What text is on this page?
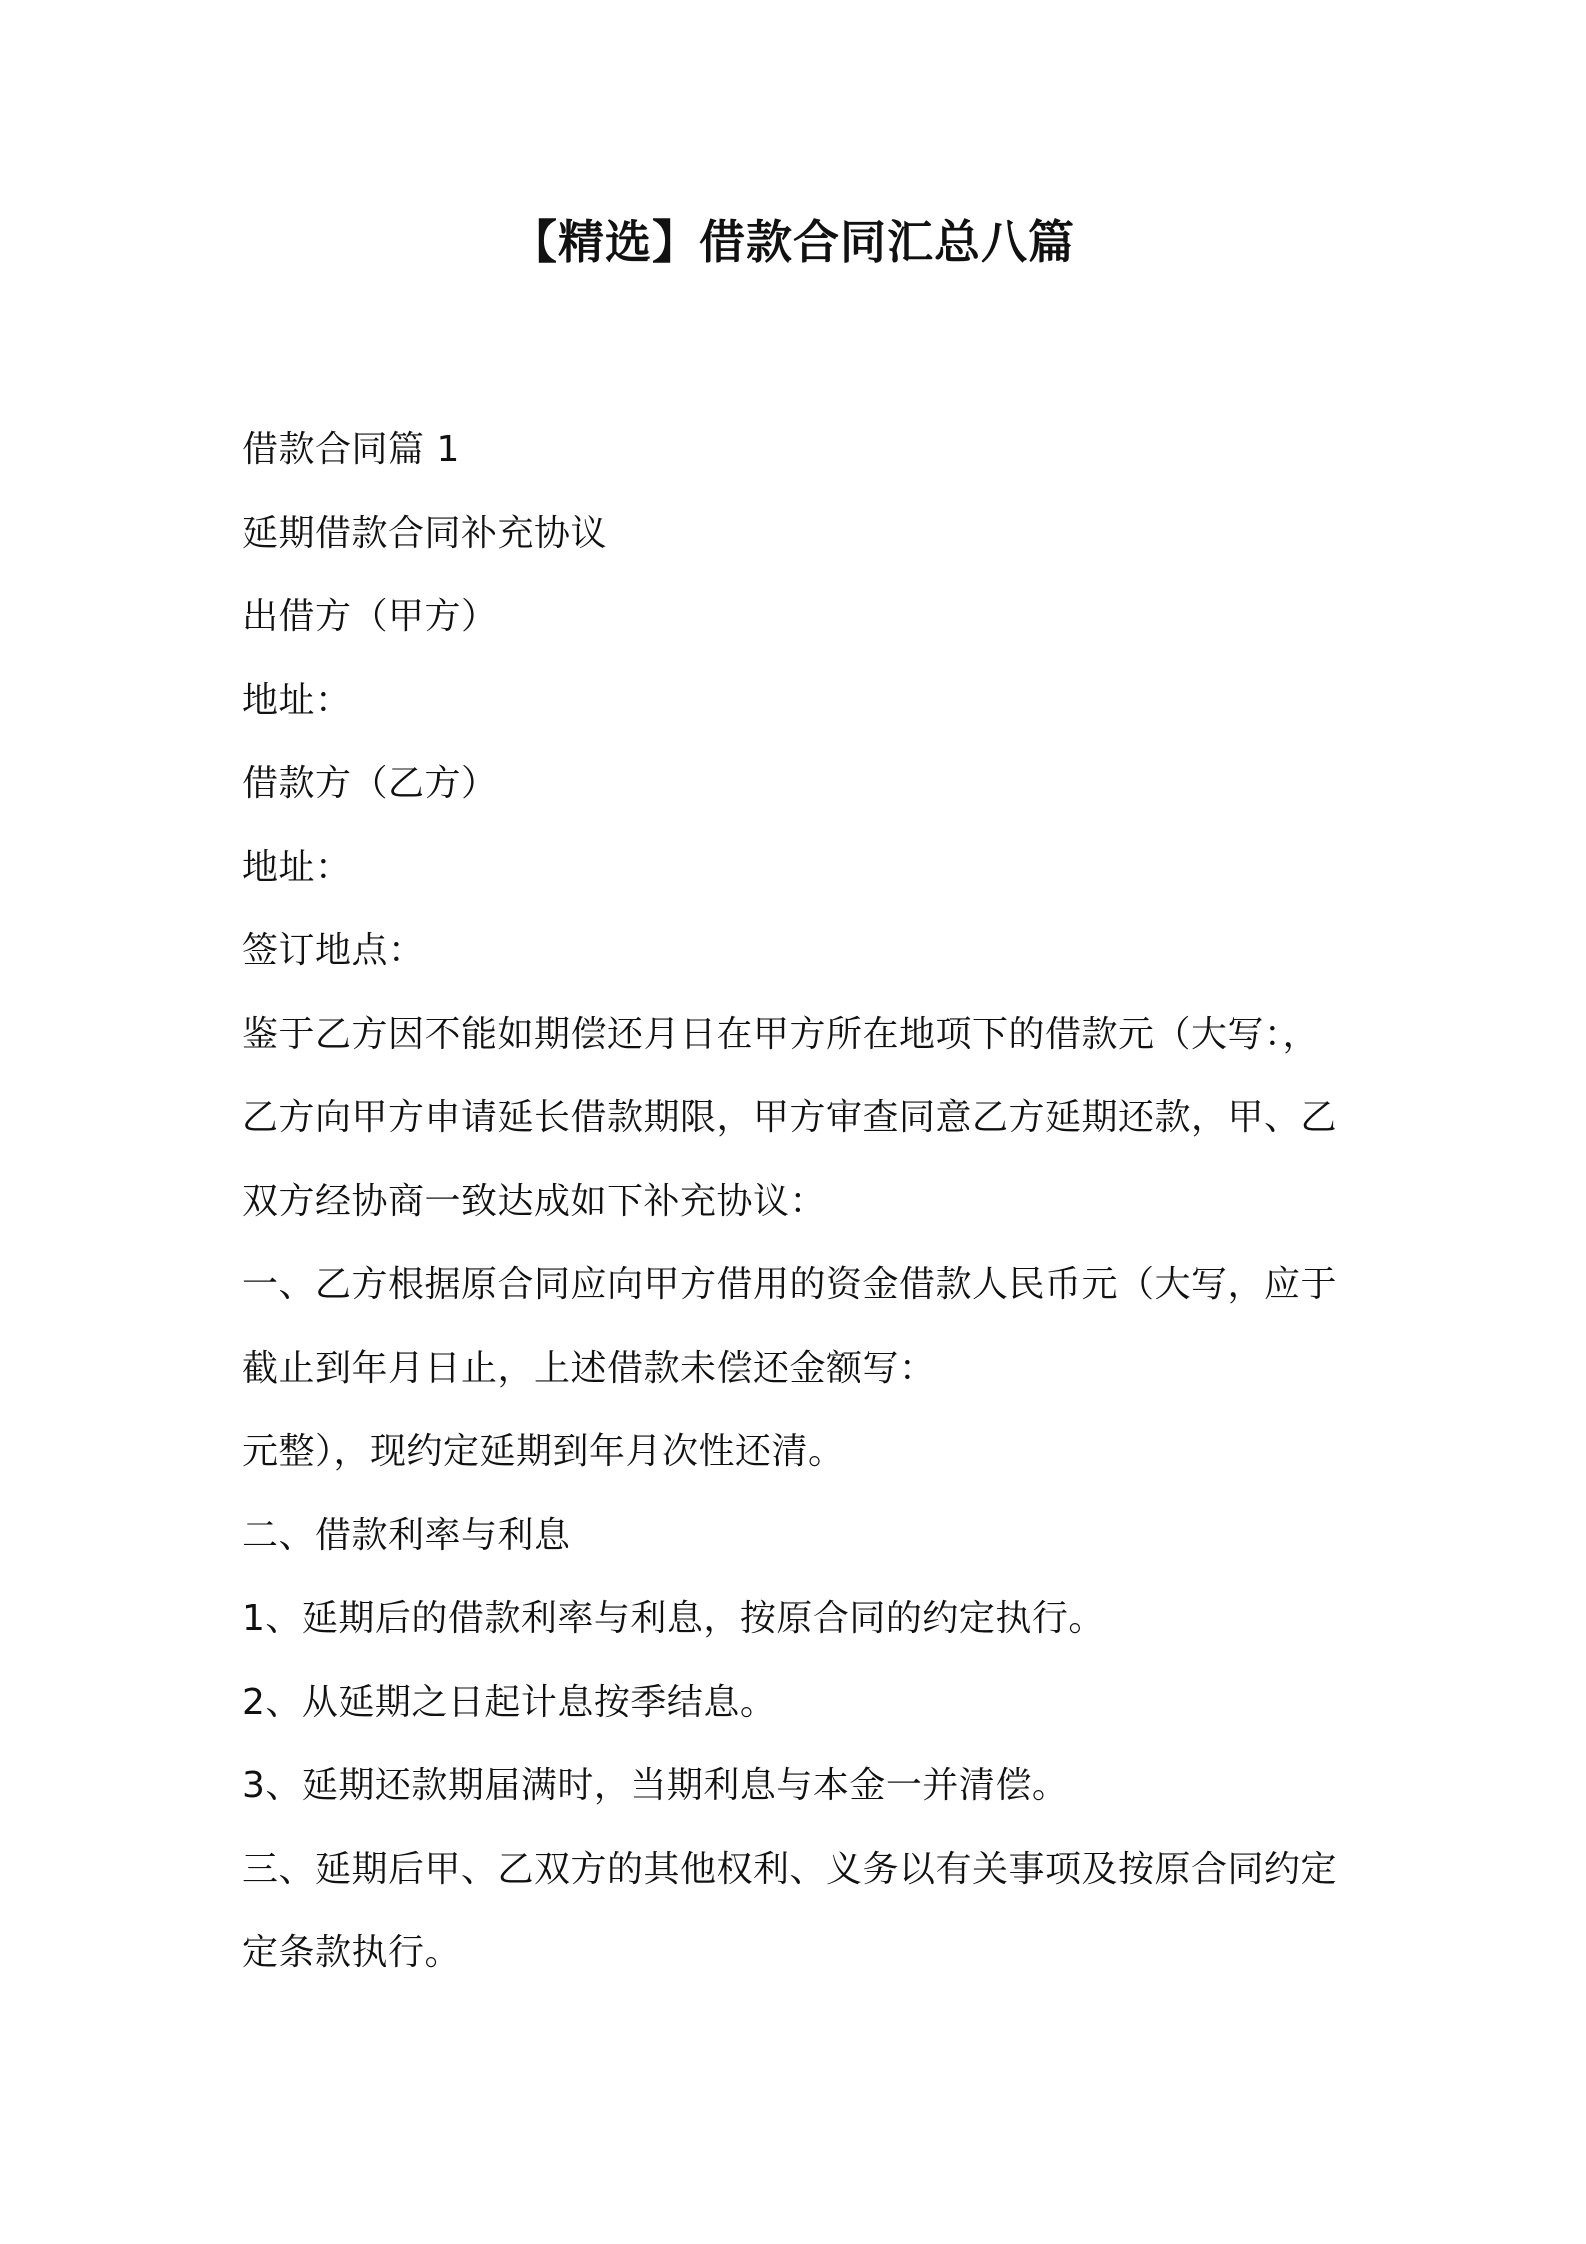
【精选】借款合同汇总八篇
借款合同篇 1
延期借款合同补充协议
出借方（甲方）
地址：
借款方（乙方）
地址：
签订地点：
鉴于乙方因不能如期偿还月日在甲方所在地项下的借款元（大写：，
乙方向甲方申请延长借款期限，甲方审查同意乙方延期还款，甲、乙
双方经协商一致达成如下补充协议：
一、乙方根据原合同应向甲方借用的资金借款人民币元（大写，应于
截止到年月日止，上述借款未偿还金额写：
元整），现约定延期到年月次性还清。
二、借款利率与利息
1、延期后的借款利率与利息，按原合同的约定执行。
2、从延期之日起计息按季结息。
3、延期还款期届满时，当期利息与本金一并清偿。
三、延期后甲、乙双方的其他权利、义务以有关事项及按原合同约定
定条款执行。
